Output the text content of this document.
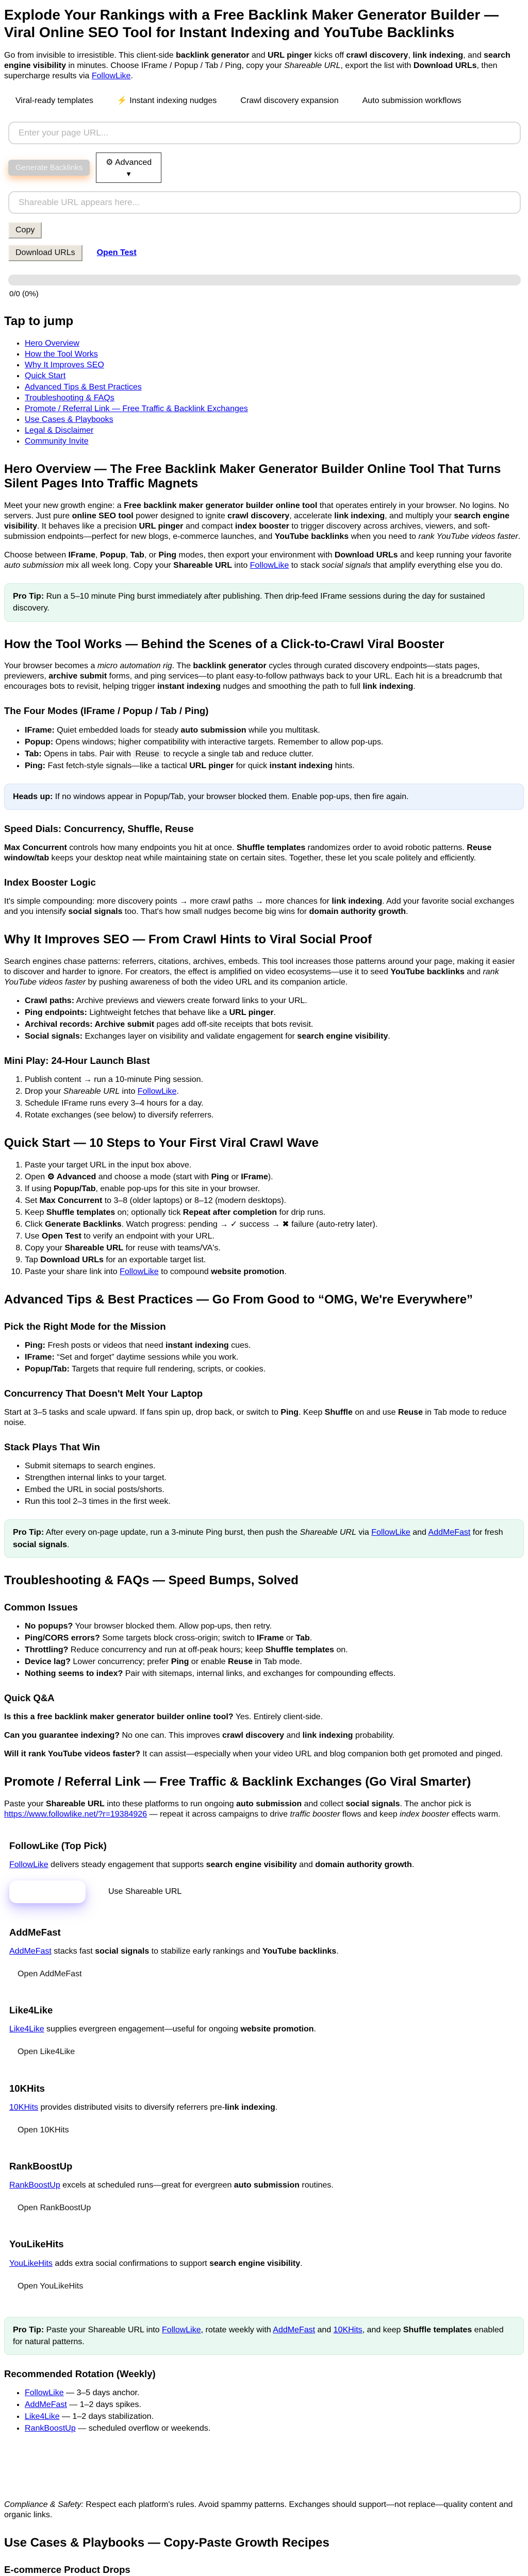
Explode Your Rankings with a Free Backlink Maker Generator Builder — Viral Online SEO Tool for Instant Indexing and YouTube Backlinks

Go from invisible to irresistible. This client-side backlink generator and URL pinger kicks off crawl discovery, link indexing, and search engine visibility in minutes. Choose IFrame / Popup / Tab / Ping, copy your Shareable URL, export the list with Download URLs, then supercharge results via FollowLike.

Viral-ready templates	⚡ Instant indexing nudges	Crawl discovery expansion	Auto submission workflows
Enter your page URL...
Generate Backlinks
⚙ Advanced
▼
Shareable URL appears here...
Copy
Download URLs	Open Test
0/0 (0%)
Tap to jump
• Hero Overview
• How the Tool Works
• Why It Improves SEO
• Quick Start
• Advanced Tips & Best Practices
• Troubleshooting & FAQs
• Promote / Referral Link — Free Traffic & Backlink Exchanges
• Use Cases & Playbooks
• Legal & Disclaimer
• Community Invite
Hero Overview — The Free Backlink Maker Generator Builder Online Tool That Turns Silent Pages Into Traffic Magnets

Meet your new growth engine: a Free backlink maker generator builder online tool that operates entirely in your browser. No logins. No servers. Just pure online SEO tool power designed to ignite crawl discovery, accelerate link indexing, and multiply your search engine visibility. It behaves like a precision URL pinger and compact index booster to trigger discovery across archives, viewers, and soft-submission endpoints—perfect for new blogs, e-commerce launches, and YouTube backlinks when you need to rank YouTube videos faster.

Choose between IFrame, Popup, Tab, or Ping modes, then export your environment with Download URLs and keep running your favorite auto submission mix all week long. Copy your Shareable URL into FollowLike to stack social signals that amplify everything else you do.

Pro Tip: Run a 5–10 minute Ping burst immediately after publishing. Then drip-feed IFrame sessions during the day for sustained discovery.
How the Tool Works — Behind the Scenes of a Click-to-Crawl Viral Booster

Your browser becomes a micro automation rig. The backlink generator cycles through curated discovery endpoints—stats pages, previewers, archive submit forms, and ping services—to plant easy-to-follow pathways back to your URL. Each hit is a breadcrumb that encourages bots to revisit, helping trigger instant indexing nudges and smoothing the path to full link indexing.

The Four Modes (IFrame / Popup / Tab / Ping)
• IFrame: Quiet embedded loads for steady auto submission while you multitask.
• Popup: Opens windows; higher compatibility with interactive targets. Remember to allow pop-ups.
• Tab: Opens in tabs. Pair with Reuse to recycle a single tab and reduce clutter.
• Ping: Fast fetch-style signals—like a tactical URL pinger for quick instant indexing hints.
Heads up: If no windows appear in Popup/Tab, your browser blocked them. Enable pop-ups, then fire again.
Speed Dials: Concurrency, Shuffle, Reuse

Max Concurrent controls how many endpoints you hit at once. Shuffle templates randomizes order to avoid robotic patterns. Reuse window/tab keeps your desktop neat while maintaining state on certain sites. Together, these let you scale politely and efficiently.

Index Booster Logic

It's simple compounding: more discovery points → more crawl paths → more chances for link indexing. Add your favorite social exchanges and you intensify social signals too. That's how small nudges become big wins for domain authority growth.

Why It Improves SEO — From Crawl Hints to Viral Social Proof

Search engines chase patterns: referrers, citations, archives, embeds. This tool increases those patterns around your page, making it easier to discover and harder to ignore. For creators, the effect is amplified on video ecosystems—use it to seed YouTube backlinks and rank YouTube videos faster by pushing awareness of both the video URL and its companion article.

• Crawl paths: Archive previews and viewers create forward links to your URL.
• Ping endpoints: Lightweight fetches that behave like a URL pinger.
• Archival records: Archive submit pages add off-site receipts that bots revisit.
• Social signals: Exchanges layer on visibility and validate engagement for search engine visibility.
Mini Play: 24-Hour Launch Blast
1. Publish content → run a 10-minute Ping session.
2. Drop your Shareable URL into FollowLike.
3. Schedule IFrame runs every 3–4 hours for a day.
4. Rotate exchanges (see below) to diversify referrers.
Quick Start — 10 Steps to Your First Viral Crawl Wave
1. Paste your target URL in the input box above.
2. Open ⚙ Advanced and choose a mode (start with Ping or IFrame).
3. If using Popup/Tab, enable pop-ups for this site in your browser.
4. Set Max Concurrent to 3–8 (older laptops) or 8–12 (modern desktops).
5. Keep Shuffle templates on; optionally tick Repeat after completion for drip runs.
6. Click Generate Backlinks. Watch progress: pending → ✓ success → ✖ failure (auto-retry later).
7. Use Open Test to verify an endpoint with your URL.
8. Copy your Shareable URL for reuse with teams/VA's.
9. Tap Download URLs for an exportable target list.
10. Paste your share link into FollowLike to compound website promotion.
Advanced Tips & Best Practices — Go From Good to “OMG, We're Everywhere”
Pick the Right Mode for the Mission
• Ping: Fresh posts or videos that need instant indexing cues.
• IFrame: “Set and forget” daytime sessions while you work.
• Popup/Tab: Targets that require full rendering, scripts, or cookies.
Concurrency That Doesn't Melt Your Laptop

Start at 3–5 tasks and scale upward. If fans spin up, drop back, or switch to Ping. Keep Shuffle on and use Reuse in Tab mode to reduce noise.

Stack Plays That Win
• Submit sitemaps to search engines.
• Strengthen internal links to your target.
• Embed the URL in social posts/shorts.
• Run this tool 2–3 times in the first week.
Pro Tip: After every on-page update, run a 3-minute Ping burst, then push the Shareable URL via FollowLike and AddMeFast for fresh social signals.
Troubleshooting & FAQs — Speed Bumps, Solved
Common Issues
• No popups? Your browser blocked them. Allow pop-ups, then retry.
• Ping/CORS errors? Some targets block cross-origin; switch to IFrame or Tab.
• Throttling? Reduce concurrency and run at off-peak hours; keep Shuffle templates on.
• Device lag? Lower concurrency; prefer Ping or enable Reuse in Tab mode.
• Nothing seems to index? Pair with sitemaps, internal links, and exchanges for compounding effects.
Quick Q&A

Is this a free backlink maker generator builder online tool? Yes. Entirely client-side.

Can you guarantee indexing? No one can. This improves crawl discovery and link indexing probability.

Will it rank YouTube videos faster? It can assist—especially when your video URL and blog companion both get promoted and pinged.

Promote / Referral Link — Free Traffic & Backlink Exchanges (Go Viral Smarter)

Paste your Shareable URL into these platforms to run ongoing auto submission and collect social signals. The anchor pick is https://www.followlike.net/?r=19384926 — repeat it across campaigns to drive traffic booster flows and keep index booster effects warm.

FollowLike (Top Pick)

FollowLike delivers steady engagement that supports search engine visibility and domain authority growth.

Use Shareable URL
AddMeFast

AddMeFast stacks fast social signals to stabilize early rankings and YouTube backlinks.

Open AddMeFast
Like4Like

Like4Like supplies evergreen engagement—useful for ongoing website promotion.

Open Like4Like
10KHits

10KHits provides distributed visits to diversify referrers pre-link indexing.

Open 10KHits
RankBoostUp

RankBoostUp excels at scheduled runs—great for evergreen auto submission routines.

Open RankBoostUp
YouLikeHits

YouLikeHits adds extra social confirmations to support search engine visibility.

Open YouLikeHits
Pro Tip: Paste your Shareable URL into FollowLike, rotate weekly with AddMeFast and 10KHits, and keep Shuffle templates enabled for natural patterns.
Recommended Rotation (Weekly)
• FollowLike — 3–5 days anchor.
• AddMeFast — 1–2 days spikes.
• Like4Like — 1–2 days stabilization.
• RankBoostUp — scheduled overflow or weekends.

Compliance & Safety: Respect each platform's rules. Avoid spammy patterns. Exchanges should support—not replace—quality content and organic links.

Use Cases & Playbooks — Copy-Paste Growth Recipes
E-commerce Product Drops
